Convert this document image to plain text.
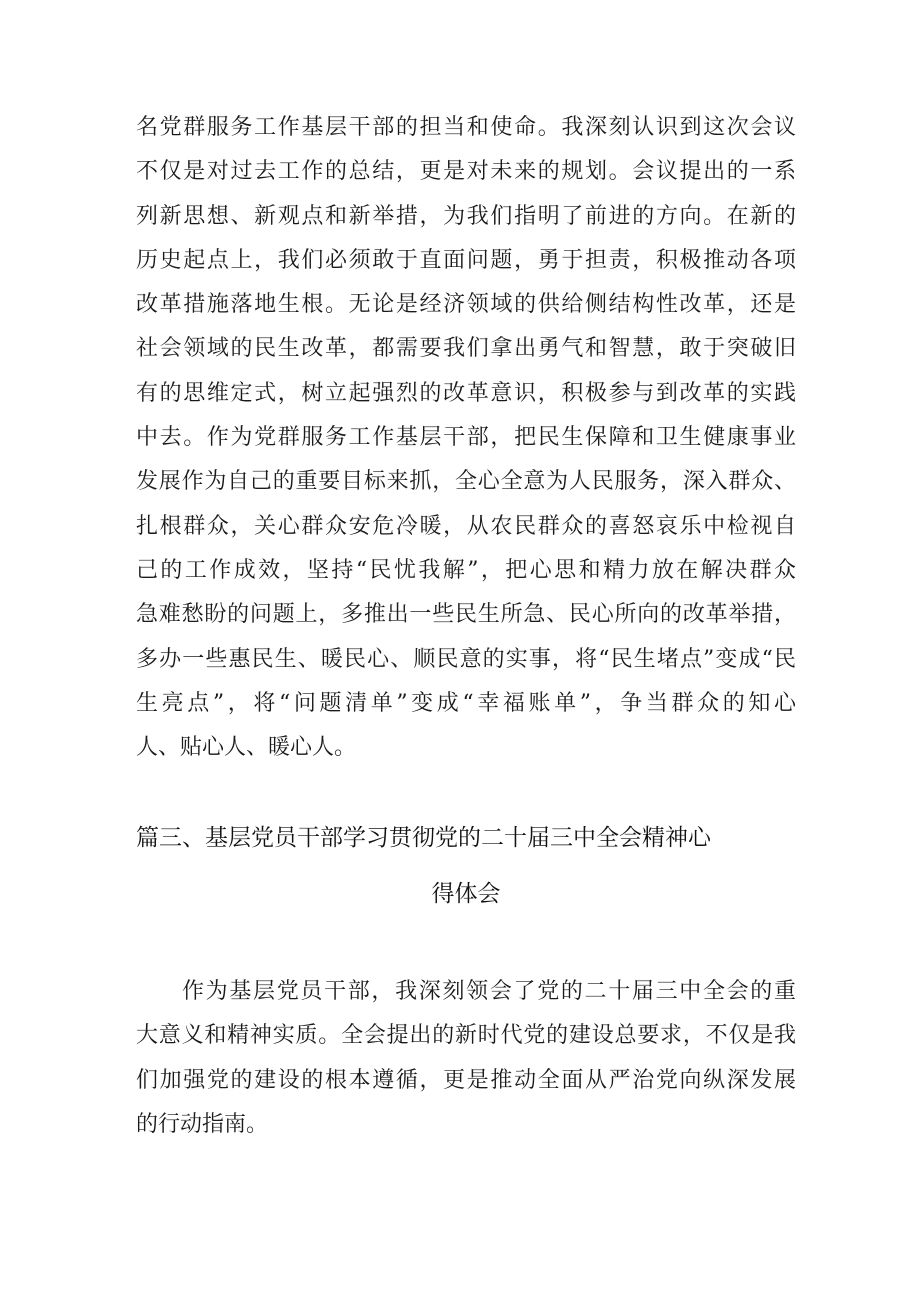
名党群服务工作基层干部的担当和使命。我深刻认识到这次会议
不仅是对过去工作的总结，更是对未来的规划。会议提出的一系
列新思想、新观点和新举措，为我们指明了前进的方向。在新的
历史起点上，我们必须敢于直面问题，勇于担责，积极推动各项
改革措施落地生根。无论是经济领域的供给侧结构性改革，还是
社会领域的民生改革，都需要我们拿出勇气和智慧，敢于突破旧
有的思维定式，树立起强烈的改革意识，积极参与到改革的实践
中去。作为党群服务工作基层干部，把民生保障和卫生健康事业
发展作为自己的重要目标来抓，全心全意为人民服务，深入群众、
扎根群众，关心群众安危冷暖，从农民群众的喜怒哀乐中检视自
己的工作成效，坚持“民忧我解”，把心思和精力放在解决群众
急难愁盼的问题上，多推出一些民生所急、民心所向的改革举措，
多办一些惠民生、暖民心、顺民意的实事，将“民生堵点”变成“民
生亮点”，将“问题清单”变成“幸福账单”，争当群众的知心
人、贴心人、暖心人。
篇三、基层党员干部学习贯彻党的二十届三中全会精神心
得体会
作为基层党员干部，我深刻领会了党的二十届三中全会的重
大意义和精神实质。全会提出的新时代党的建设总要求，不仅是我
们加强党的建设的根本遵循，更是推动全面从严治党向纵深发展
的行动指南。
